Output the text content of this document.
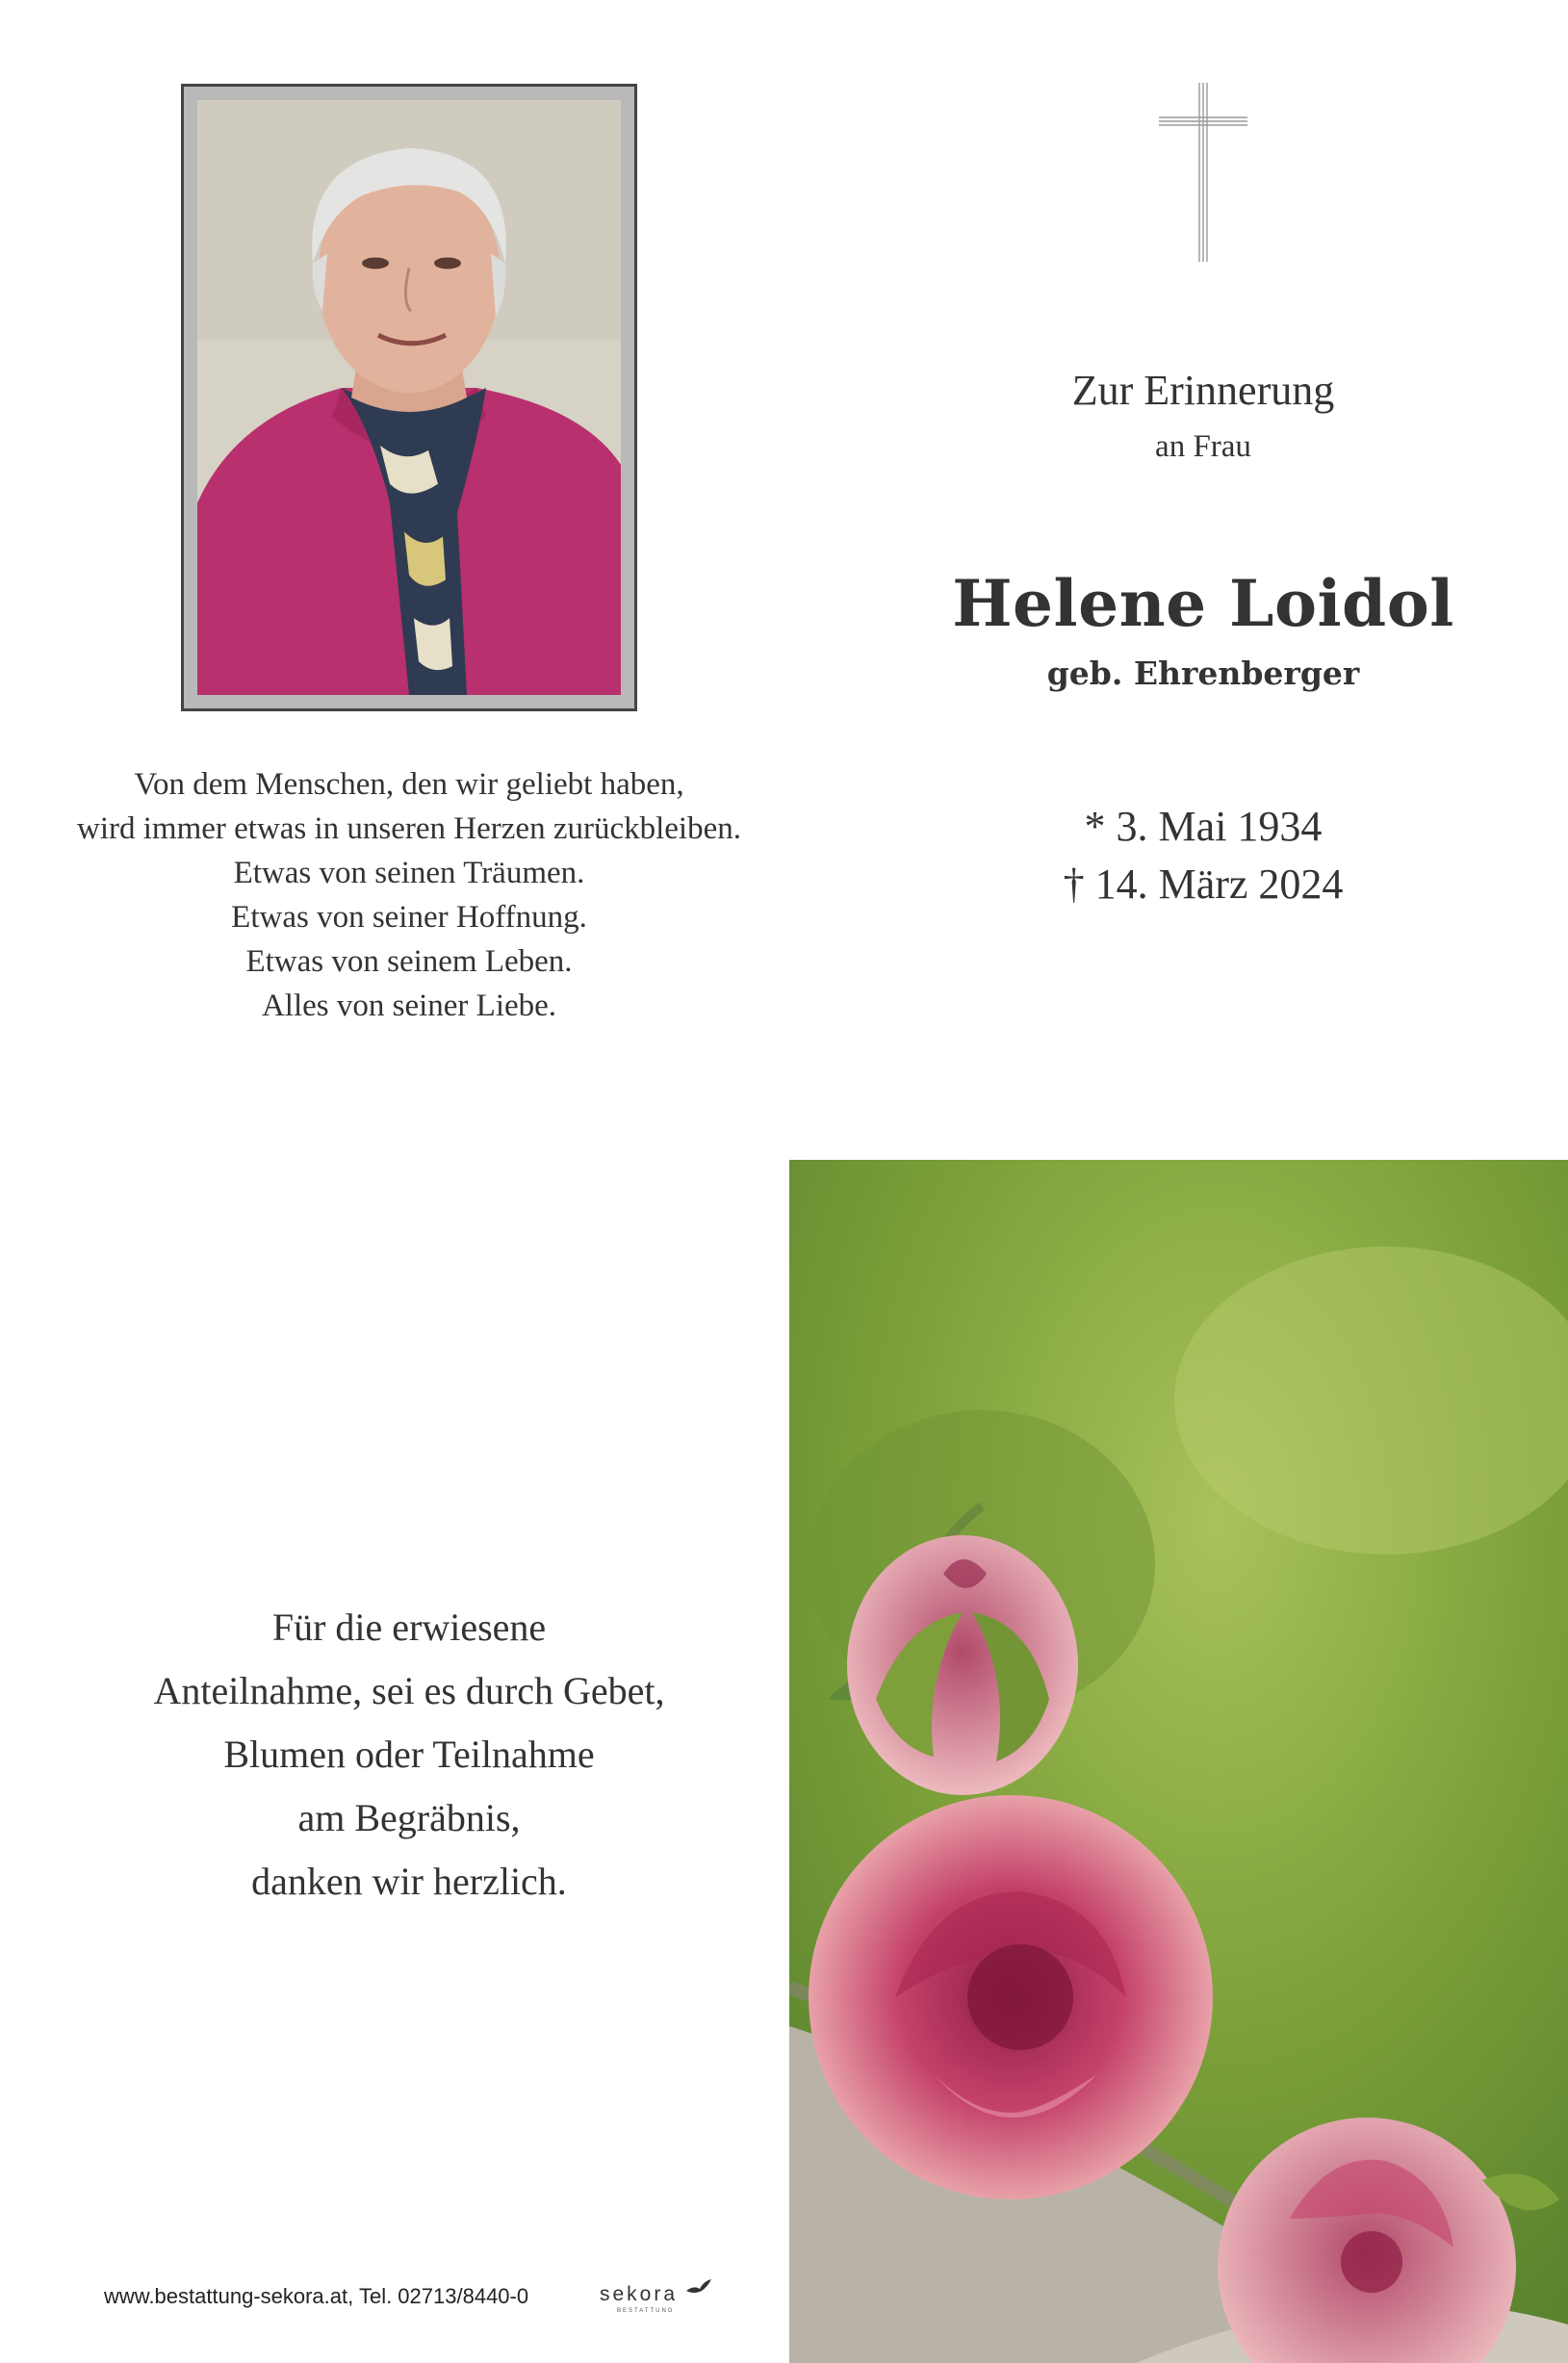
Zur Erinnerung
an Frau
Helene Loidol
geb. Ehrenberger
* 3. Mai 1934
† 14. März 2024
Von dem Menschen, den wir geliebt haben,
wird immer etwas in unseren Herzen zurückbleiben.
Etwas von seinen Träumen.
Etwas von seiner Hoffnung.
Etwas von seinem Leben.
Alles von seiner Liebe.
Für die erwiesene
Anteilnahme, sei es durch Gebet,
Blumen oder Teilnahme
am Begräbnis,
danken wir herzlich.
www.bestattung-sekora.at, Tel. 02713/8440-0	sekora
BESTATTUNG
